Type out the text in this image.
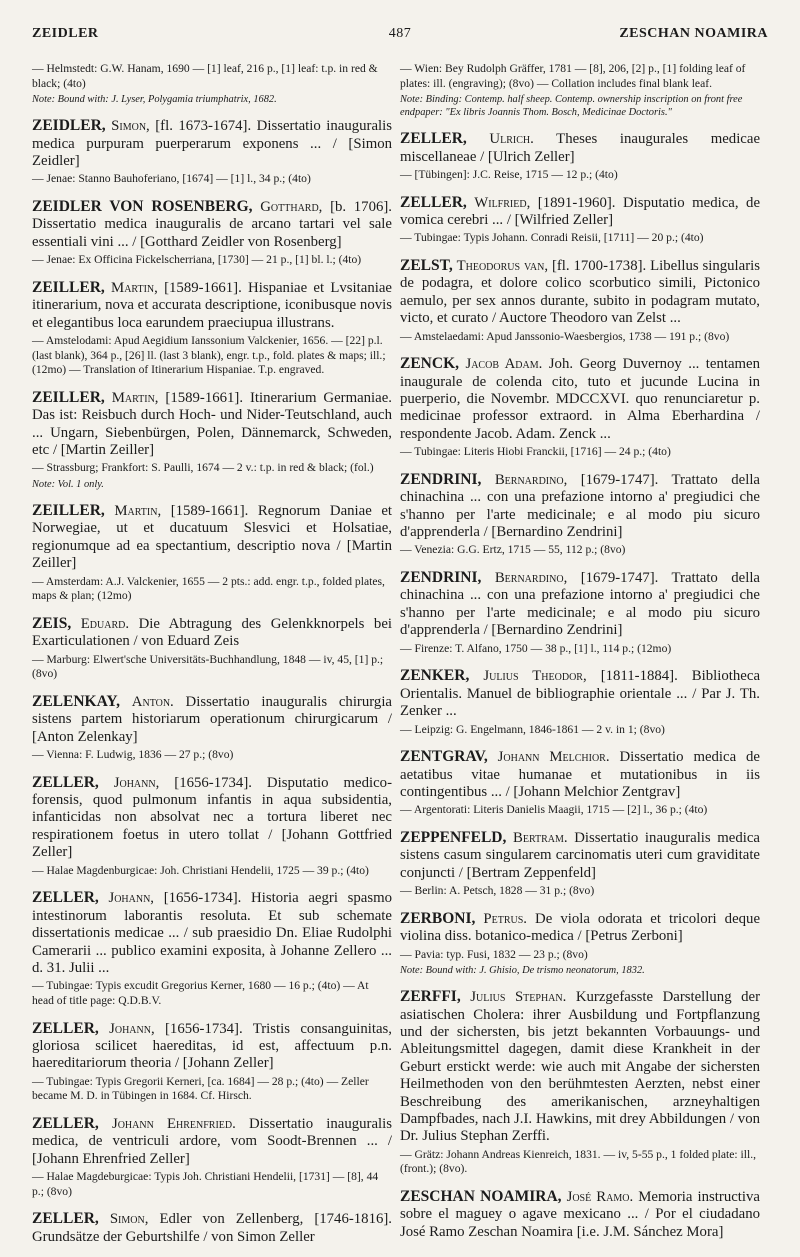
ZEIDLER	487	ZESCHAN NOAMIRA
— Helmstedt: G.W. Hanam, 1690 — [1] leaf, 216 p., [1] leaf: t.p. in red & black; (4to)
Note: Bound with: J. Lyser, Polygamia triumphatrix, 1682.
ZEIDLER, Simon, [fl. 1673-1674]. Dissertatio inauguralis medica purpuram puerperarum exponens ... / [Simon Zeidler]
— Jenae: Stanno Bauhoferiano, [1674] — [1] l., 34 p.; (4to)
ZEIDLER VON ROSENBERG, Gotthard, [b. 1706]. Dissertatio medica inauguralis de arcano tartari vel sale essentiali vini ... / [Gotthard Zeidler von Rosenberg]
— Jenae: Ex Officina Fickelscherriana, [1730] — 21 p., [1] bl. l.; (4to)
ZEILLER, Martin, [1589-1661]. Hispaniae et Lvsitaniae itinerarium, nova et accurata descriptione, iconibusque novis et elegantibus loca earundem praeciupua illustrans.
— Amstelodami: Apud Aegidium Ianssonium Valckenier, 1656. — [22] p.l. (last blank), 364 p., [26] ll. (last 3 blank), engr. t.p., fold. plates & maps; ill.; (12mo) — Translation of Itinerarium Hispaniae. T.p. engraved.
ZEILLER, Martin, [1589-1661]. Itinerarium Germaniae. Das ist: Reisbuch durch Hoch- und Nider-Teutschland, auch ... Ungarn, Siebenbürgen, Polen, Dännemarck, Schweden, etc / [Martin Zeiller]
— Strassburg; Frankfort: S. Paulli, 1674 — 2 v.: t.p. in red & black; (fol.)
Note: Vol. 1 only.
ZEILLER, Martin, [1589-1661]. Regnorum Daniae et Norwegiae, ut et ducatuum Slesvici et Holsatiae, regionumque ad ea spectantium, descriptio nova / [Martin Zeiller]
— Amsterdam: A.J. Valckenier, 1655 — 2 pts.: add. engr. t.p., folded plates, maps & plan; (12mo)
ZEIS, Eduard. Die Abtragung des Gelenkknorpels bei Exarticulationen / von Eduard Zeis
— Marburg: Elwert'sche Universitäts-Buchhandlung, 1848 — iv, 45, [1] p.; (8vo)
ZELENKAY, Anton. Dissertatio inauguralis chirurgia sistens partem historiarum operationum chirurgicarum / [Anton Zelenkay]
— Vienna: F. Ludwig, 1836 — 27 p.; (8vo)
ZELLER, Johann, [1656-1734]. Disputatio medico-forensis, quod pulmonum infantis in aqua subsidentia, infanticidas non absolvat nec a tortura liberet nec respirationem foetus in utero tollat / [Johann Gottfried Zeller]
— Halae Magdenburgicae: Joh. Christiani Hendelii, 1725 — 39 p.; (4to)
ZELLER, Johann, [1656-1734]. Historia aegri spasmo intestinorum laborantis resoluta. Et sub schemate dissertationis medicae ... / sub praesidio Dn. Eliae Rudolphi Camerarii ... publico examini exposita, à Johanne Zellero ... d. 31. Julii ...
— Tubingae: Typis excudit Gregorius Kerner, 1680 — 16 p.; (4to) — At head of title page: Q.D.B.V.
ZELLER, Johann, [1656-1734]. Tristis consanguinitas, gloriosa scilicet haereditas, id est, affectuum p.n. haereditariorum theoria / [Johann Zeller]
— Tubingae: Typis Gregorii Kerneri, [ca. 1684] — 28 p.; (4to) — Zeller became M. D. in Tübingen in 1684. Cf. Hirsch.
ZELLER, Johann Ehrenfried. Dissertatio inauguralis medica, de ventriculi ardore, vom Soodt-Brennen ... / [Johann Ehrenfried Zeller]
— Halae Magdeburgicae: Typis Joh. Christiani Hendelii, [1731] — [8], 44 p.; (8vo)
ZELLER, Simon, Edler von Zellenberg, [1746-1816]. Grundsätze der Geburtshilfe / von Simon Zeller
— Wien: Bey Rudolph Gräffer, 1781 — [8], 206, [2] p., [1] folding leaf of plates: ill. (engraving); (8vo) — Collation includes final blank leaf.
Note: Binding: Contemp. half sheep. Contemp. ownership inscription on front free endpaper: "Ex libris Joannis Thom. Bosch, Medicinae Doctoris."
ZELLER, Ulrich. Theses inaugurales medicae miscellaneae / [Ulrich Zeller]
— [Tübingen]: J.C. Reise, 1715 — 12 p.; (4to)
ZELLER, Wilfried, [1891-1960]. Disputatio medica, de vomica cerebri ... / [Wilfried Zeller]
— Tubingae: Typis Johann. Conradi Reisii, [1711] — 20 p.; (4to)
ZELST, Theodorus van, [fl. 1700-1738]. Libellus singularis de podagra, et dolore colico scorbutico simili, Pictonico aemulo, per sex annos durante, subito in podagram mutato, victo, et curato / Auctore Theodoro van Zelst ...
— Amstelaedami: Apud Janssonio-Waesbergios, 1738 — 191 p.; (8vo)
ZENCK, Jacob Adam. Joh. Georg Duvernoy ... tentamen inaugurale de colenda cito, tuto et jucunde Lucina in puerperio, die Novembr. MDCCXVI. quo renunciaretur p. medicinae professor extraord. in Alma Eberhardina / respondente Jacob. Adam. Zenck ...
— Tubingae: Literis Hiobi Franckii, [1716] — 24 p.; (4to)
ZENDRINI, Bernardino, [1679-1747]. Trattato della chinachina ... con una prefazione intorno a' pregiudici che s'hanno per l'arte medicinale; e al modo piu sicuro d'apprenderla / [Bernardino Zendrini]
— Venezia: G.G. Ertz, 1715 — 55, 112 p.; (8vo)
ZENDRINI, Bernardino, [1679-1747]. Trattato della chinachina ... con una prefazione intorno a' pregiudici che s'hanno per l'arte medicinale; e al modo piu sicuro d'apprenderla / [Bernardino Zendrini]
— Firenze: T. Alfano, 1750 — 38 p., [1] l., 114 p.; (12mo)
ZENKER, Julius Theodor, [1811-1884]. Bibliotheca Orientalis. Manuel de bibliographie orientale ... / Par J. Th. Zenker ...
— Leipzig: G. Engelmann, 1846-1861 — 2 v. in 1; (8vo)
ZENTGRAV, Johann Melchior. Dissertatio medica de aetatibus vitae humanae et mutationibus in iis contingentibus ... / [Johann Melchior Zentgrav]
— Argentorati: Literis Danielis Maagii, 1715 — [2] l., 36 p.; (4to)
ZEPPENFELD, Bertram. Dissertatio inauguralis medica sistens casum singularem carcinomatis uteri cum graviditate conjuncti / [Bertram Zeppenfeld]
— Berlin: A. Petsch, 1828 — 31 p.; (8vo)
ZERBONI, Petrus. De viola odorata et tricolori deque violina diss. botanico-medica / [Petrus Zerboni]
— Pavia: typ. Fusi, 1832 — 23 p.; (8vo)
Note: Bound with: J. Ghisio, De trismo neonatorum, 1832.
ZERFFI, Julius Stephan. Kurzgefasste Darstellung der asiatischen Cholera: ihrer Ausbildung und Fortpflanzung und der sichersten, bis jetzt bekannten Vorbauungs- und Ableitungsmittel dagegen, damit diese Krankheit in der Geburt erstickt werde: wie auch mit Angabe der sichersten Heilmethoden von den berühmtesten Aerzten, nebst einer Beschreibung des amerikanischen, arzneyhaltigen Dampfbades, nach J.I. Hawkins, mit drey Abbildungen / von Dr. Julius Stephan Zerffi.
— Grätz: Johann Andreas Kienreich, 1831. — iv, 5-55 p., 1 folded plate: ill., (front.); (8vo).
ZESCHAN NOAMIRA, José Ramo. Memoria instructiva sobre el maguey o agave mexicano ... / Por el ciudadano José Ramo Zeschan Noamira [i.e. J.M. Sánchez Mora]
